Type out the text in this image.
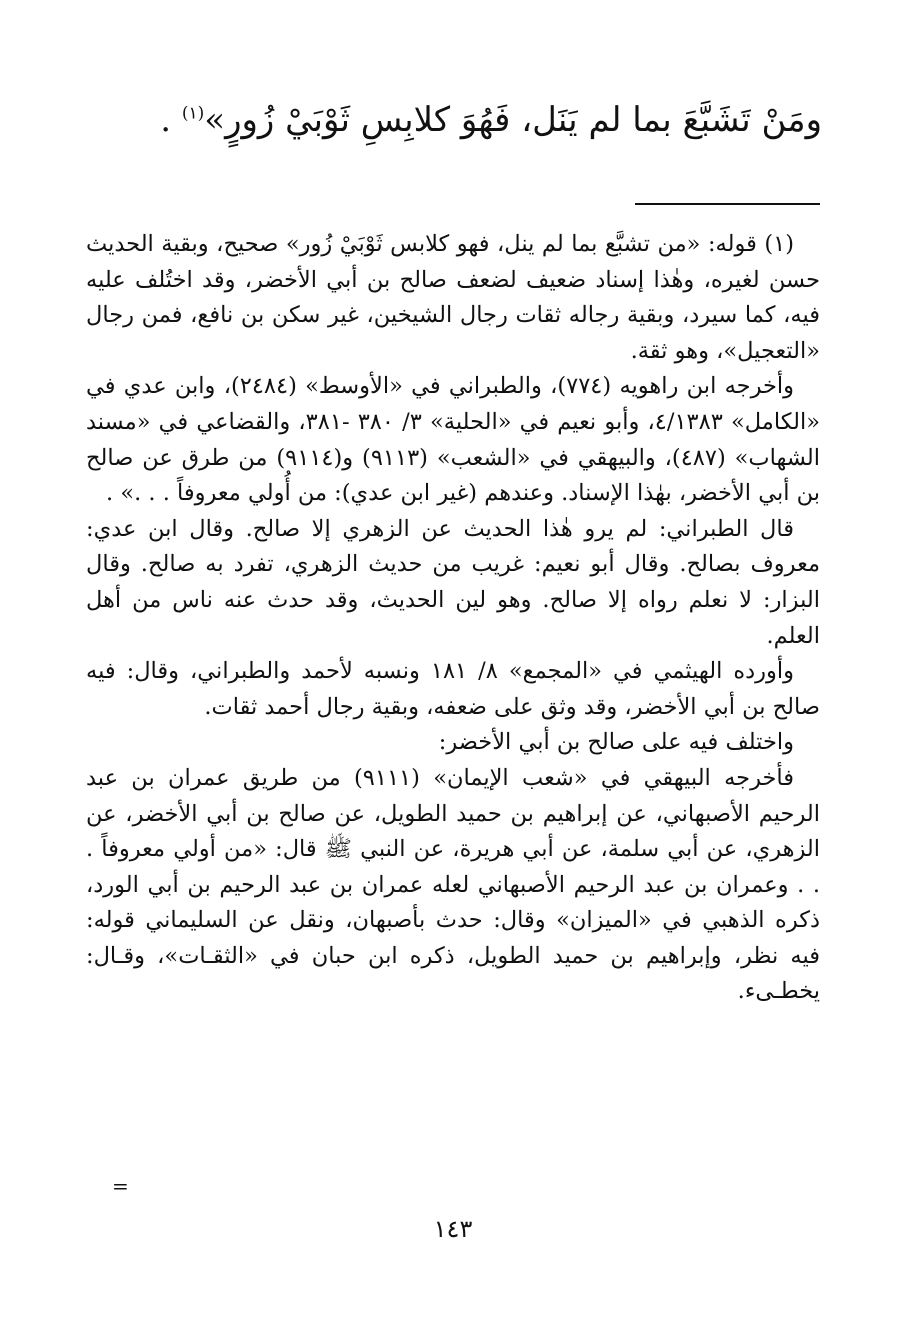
ومَنْ تَشَبَّعَ بما لم يَنَل، فَهُوَ كلابِسِ ثَوْبَيْ زُورٍ»$^{(١)}$ .

(١) قوله: «من تشبَّع بما لم ينل، فهو كلابس ثَوْبَيْ زُور» صحيح، وبقية الحديث حسن لغيره، وهٰذا إسناد ضعيف لضعف صالح بن أبي الأخضر، وقد اختُلف عليه فيه، كما سيرد، وبقية رجاله ثقات رجال الشيخين، غير سكن بن نافع، فمن رجال «التعجيل»، وهو ثقة.

وأخرجه ابن راهويه (٧٧٤)، والطبراني في «الأوسط» (٢٤٨٤)، وابن عدي في «الكامل» ٤/١٣٨٣، وأبو نعيم في «الحلية» ٣/ ٣٨٠ -٣٨١، والقضاعي في «مسند الشهاب» (٤٨٧)، والبيهقي في «الشعب» (٩١١٣) و(٩١١٤) من طرق عن صالح بن أبي الأخضر، بهٰذا الإسناد. وعندهم (غير ابن عدي): من أُولي معروفاً . . .» .

قال الطبراني: لم يرو هٰذا الحديث عن الزهري إلا صالح. وقال ابن عدي: معروف بصالح. وقال أبو نعيم: غريب من حديث الزهري، تفرد به صالح. وقال البزار: لا نعلم رواه إلا صالح. وهو لين الحديث، وقد حدث عنه ناس من أهل العلم.

وأورده الهيثمي في «المجمع» ٨/ ١٨١ ونسبه لأحمد والطبراني، وقال: فيه صالح بن أبي الأخضر، وقد وثق على ضعفه، وبقية رجال أحمد ثقات.

واختلف فيه على صالح بن أبي الأخضر:

فأخرجه البيهقي في «شعب الإيمان» (٩١١١) من طريق عمران بن عبد الرحيم الأصبهاني، عن إبراهيم بن حميد الطويل، عن صالح بن أبي الأخضر، عن الزهري، عن أبي سلمة، عن أبي هريرة، عن النبي ﷺ قال: «من أولي معروفاً . . . وعمران بن عبد الرحيم الأصبهاني لعله عمران بن عبد الرحيم بن أبي الورد، ذكره الذهبي في «الميزان» وقال: حدث بأصبهان، ونقل عن السليماني قوله: فيه نظر، وإبراهيم بن حميد الطويل، ذكره ابن حبان في «الثقـات»، وقـال: يخطـىء.

=
١٤٣
